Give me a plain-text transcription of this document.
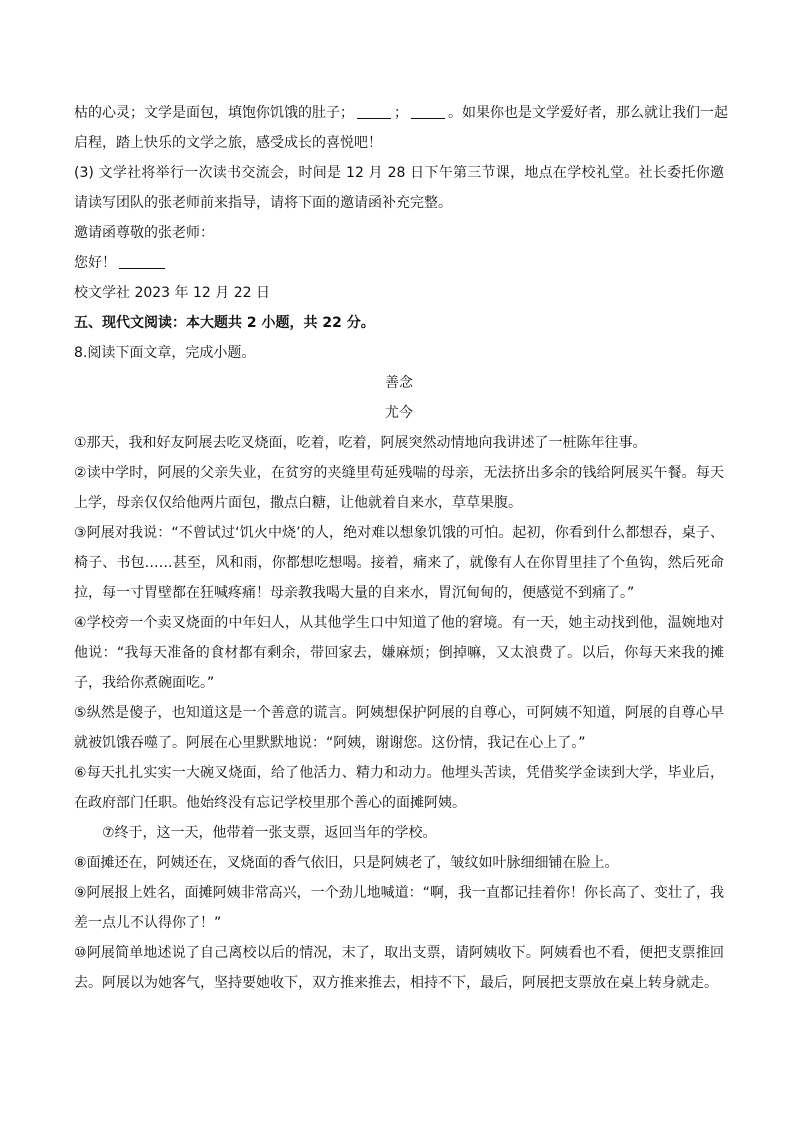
枯的心灵；文学是面包，填饱你饥饿的肚子；	；	。如果你也是文学爱好者，那么就让我们一起
启程，踏上快乐的文学之旅，感受成长的喜悦吧！
(3) 文学社将举行一次读书交流会，时间是 12 月 28 日下午第三节课，地点在学校礼堂。社长委托你邀请读写团队的张老师前来指导，请将下面的邀请函补充完整。
邀请函尊敬的张老师：
您好！
校文学社 2023 年 12 月 22 日
五、现代文阅读：本大题共 2 小题，共 22 分。
8.阅读下面文章，完成小题。
善念
尤今
①那天，我和好友阿展去吃叉烧面，吃着，吃着，阿展突然动情地向我讲述了一桩陈年往事。
②读中学时，阿展的父亲失业，在贫穷的夹缝里苟延残喘的母亲，无法挤出多余的钱给阿展买午餐。每天上学，母亲仅仅给他两片面包，撒点白糖，让他就着自来水，草草果腹。
③阿展对我说：“不曾试过‘饥火中烧’的人，绝对难以想象饥饿的可怕。起初，你看到什么都想吞，桌子、椅子、书包……甚至，风和雨，你都想吃想喝。接着，痛来了，就像有人在你胃里挂了个鱼钩，然后死命拉，每一寸胃壁都在狂喊疼痛！母亲教我喝大量的自来水，胃沉甸甸的，便感觉不到痛了。”
④学校旁一个卖叉烧面的中年妇人，从其他学生口中知道了他的窘境。有一天，她主动找到他，温婉地对他说：“我每天准备的食材都有剩余，带回家去，嫌麻烦；倒掉嘛，又太浪费了。以后，你每天来我的摊子，我给你煮碗面吃。”
⑤纵然是傻子，也知道这是一个善意的谎言。阿姨想保护阿展的自尊心，可阿姨不知道，阿展的自尊心早就被饥饿吞噬了。阿展在心里默默地说：“阿姨，谢谢您。这份情，我记在心上了。”
⑥每天扎扎实实一大碗叉烧面，给了他活力、精力和动力。他埋头苦读，凭借奖学金读到大学，毕业后，在政府部门任职。他始终没有忘记学校里那个善心的面摊阿姨。
⑦终于，这一天，他带着一张支票，返回当年的学校。
⑧面摊还在，阿姨还在，叉烧面的香气依旧，只是阿姨老了，皱纹如叶脉细细铺在脸上。
⑨阿展报上姓名，面摊阿姨非常高兴，一个劲儿地喊道：“啊，我一直都记挂着你！你长高了、变壮了，我差一点儿不认得你了！”
⑩阿展简单地述说了自己离校以后的情况，末了，取出支票，请阿姨收下。阿姨看也不看，便把支票推回去。阿展以为她客气，坚持要她收下，双方推来推去，相持不下，最后，阿展把支票放在桌上转身就走。
